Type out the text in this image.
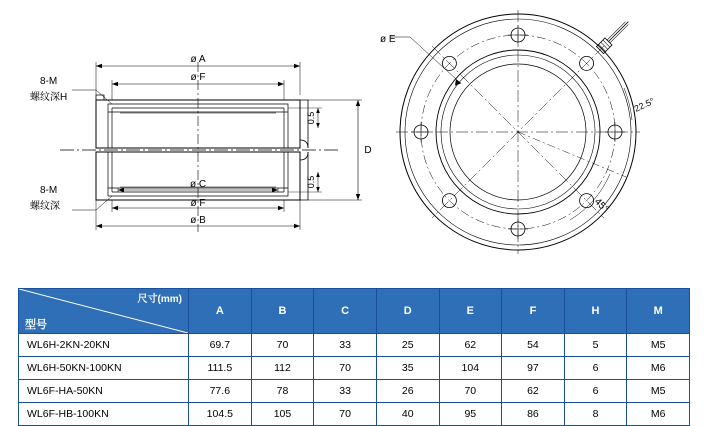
ø A
ø F
ø C
ø F
ø B
D
0.5
0.5
8-M
螺纹深H
8-M
螺纹深
ø E
22.5°
45°
尺寸(mm)
型号	A	B	C	D	E	F	H	M
WL6H-2KN-20KN	69.7	70	33	25	62	54	5	M5
WL6H-50KN-100KN	111.5	112	70	35	104	97	6	M6
WL6F-HA-50KN	77.6	78	33	26	70	62	6	M5
WL6F-HB-100KN	104.5	105	70	40	95	86	8	M6
